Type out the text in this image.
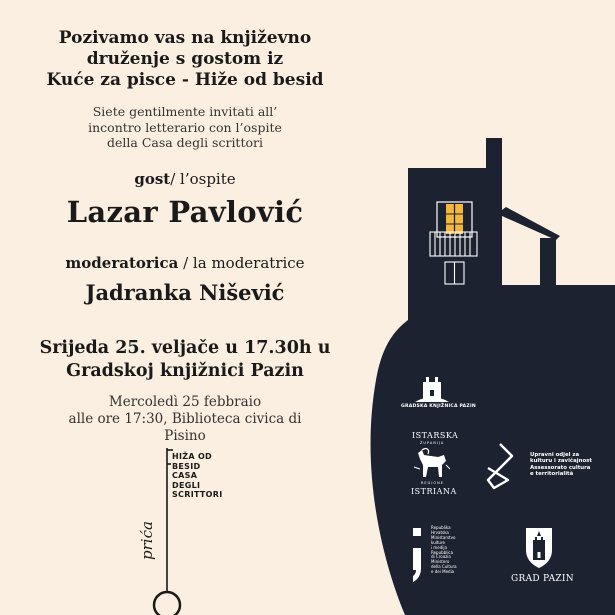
Pozivamo vas na književno
druženje s gostom iz
Kuće za pisce - Hiže od besid
Siete gentilmente invitati all’
incontro letterario con l’ospite
della Casa degli scrittori
gost/ l’ospite
Lazar Pavlović
moderatorica / la moderatrice
Jadranka Nišević
Srijeda 25. veljače u 17.30h u
Gradskoj knjižnici Pazin
Mercoledì 25 febbraio
alle ore 17:30, Biblioteca civica di
Pisino
HIŽA OD
BESID
CASA
DEGLI
SCRITTORI
prića
GRADSKA KNJIŽNICA PAZIN
ISTARSKA
ŽUPANIJA
REGIONE
ISTRIANA
Upravni odjel za
kulturu i zavičajnost
Assessorato cultura
e territorialità
Republika
Hrvatska
Ministarstvo
kulture
i medija
Repubblica
di Croazia
Ministero
della Cultura
e dei Media
GRAD PAZIN
